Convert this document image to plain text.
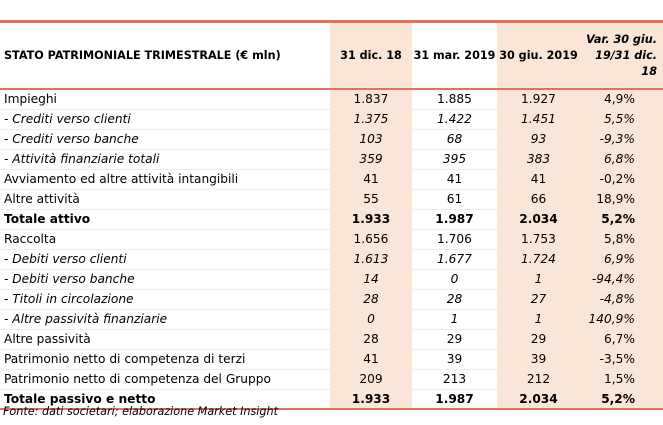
STATO PATRIMONIALE TRIMESTRALE (€ mln)	31 dic. 18	31 mar. 2019	30 giu. 2019	Var. 30 giu. 19/31 dic. 18
Impieghi	1.837	1.885	1.927	4,9%
- Crediti verso clienti	1.375	1.422	1.451	5,5%
- Crediti verso banche	103	68	93	-9,3%
- Attività finanziarie totali	359	395	383	6,8%
Avviamento ed altre attività intangibili	41	41	41	-0,2%
Altre attività	55	61	66	18,9%
Totale attivo	1.933	1.987	2.034	5,2%
Raccolta	1.656	1.706	1.753	5,8%
- Debiti verso clienti	1.613	1.677	1.724	6,9%
- Debiti verso banche	14	0	1	-94,4%
- Titoli in circolazione	28	28	27	-4,8%
- Altre passività finanziarie	0	1	1	140,9%
Altre passività	28	29	29	6,7%
Patrimonio netto di competenza di terzi	41	39	39	-3,5%
Patrimonio netto di competenza del Gruppo	209	213	212	1,5%
Totale passivo e netto	1.933	1.987	2.034	5,2%
Fonte: dati societari; elaborazione Market Insight
